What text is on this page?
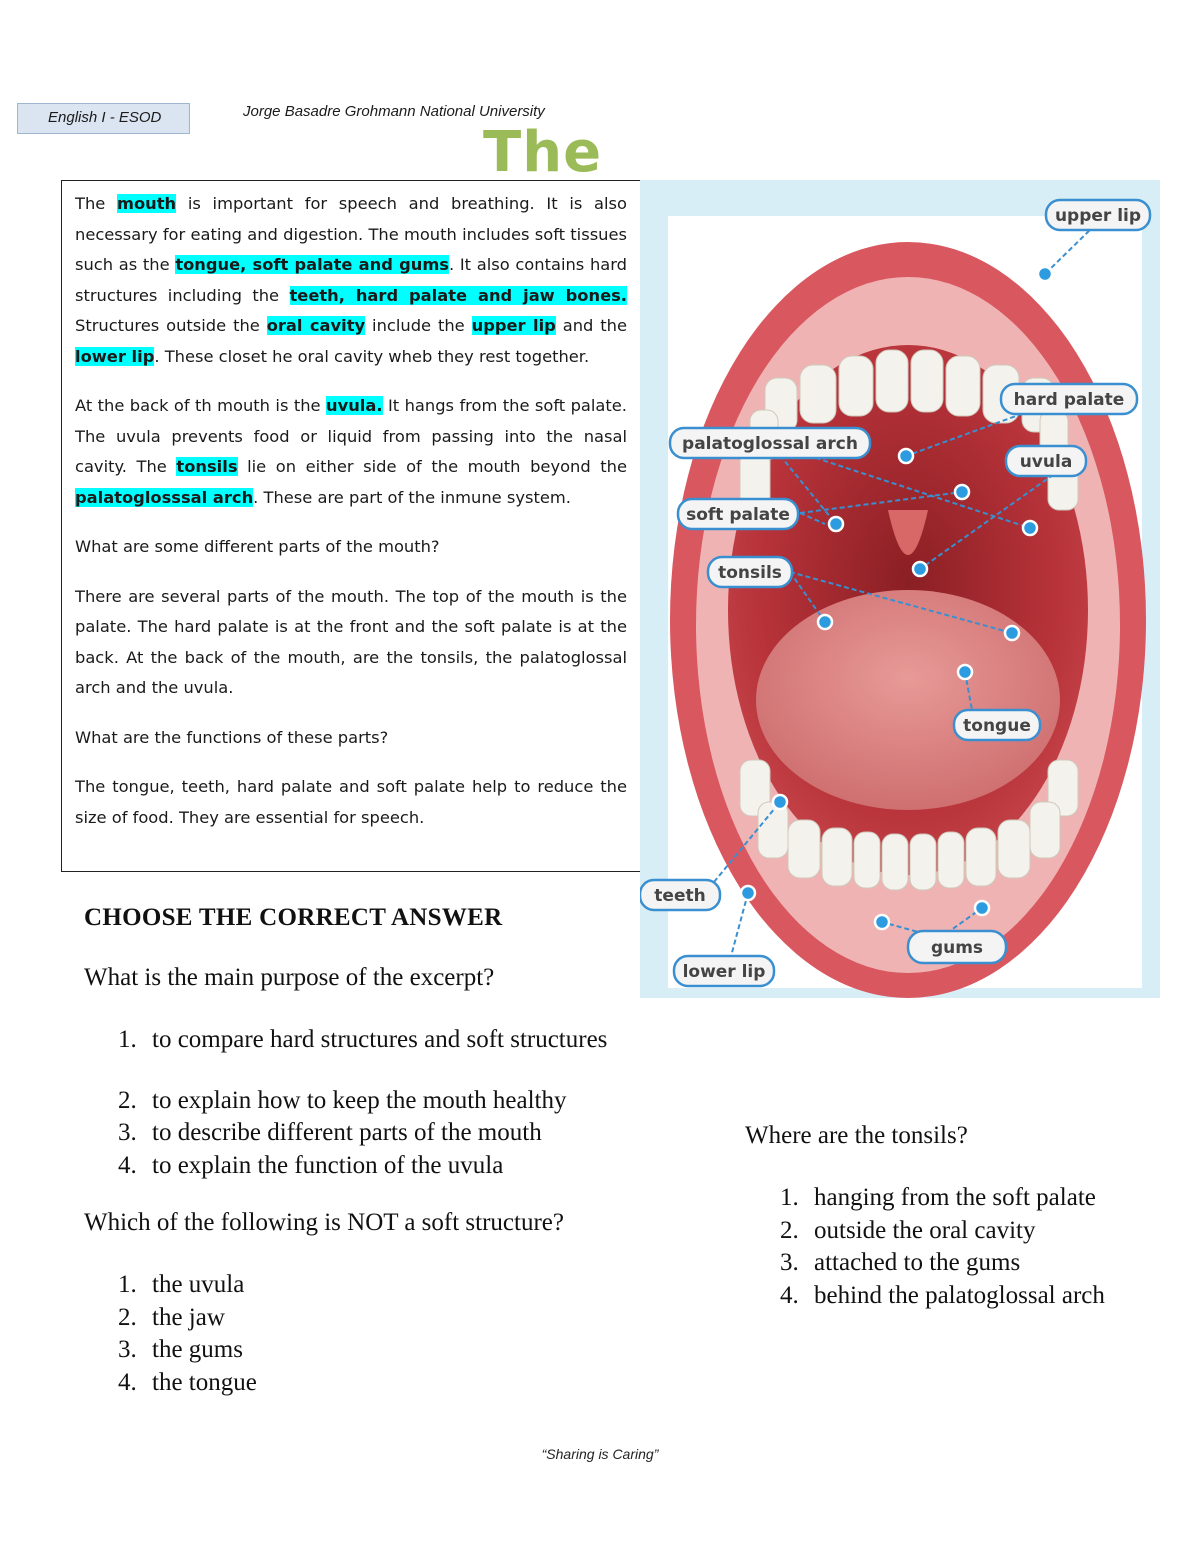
English I - ESOD	Jorge Basadre Grohmann National University
The

The mouth is important for speech and breathing. It is also necessary for eating and digestion. The mouth includes soft tissues such as the tongue, soft palate and gums. It also contains hard structures including the teeth, hard palate and jaw bones. Structures outside the oral cavity include the upper lip and the lower lip. These closet he oral cavity wheb they rest together.

At the back of th mouth is the uvula. It hangs from the soft palate. The uvula prevents food or liquid from passing into the nasal cavity. The tonsils lie on either side of the mouth beyond the palatoglosssal arch. These are part of the inmune system.

What are some different parts of the mouth?

There are several parts of the mouth. The top of the mouth is the palate. The hard palate is at the front and the soft palate is at the back. At the back of the mouth, are the tonsils, the palatoglossal arch and the uvula.

What are the functions of these parts?

The tongue, teeth, hard palate and soft palate help to reduce the size of food. They are essential for speech.

upper lip
hard palate
palatoglossal arch
uvula
soft palate
tonsils
tongue
teeth
gums
lower lip
CHOOSE THE CORRECT ANSWER
What is the main purpose of the excerpt?
1. to compare hard structures and soft structures
2. to explain how to keep the mouth healthy
3. to describe different parts of the mouth
4. to explain the function of the uvula
Which of the following is NOT a soft structure?
1. the uvula
2. the jaw
3. the gums
4. the tongue
Where are the tonsils?
1. hanging from the soft palate
2. outside the oral cavity
3. attached to the gums
4. behind the palatoglossal arch
“Sharing is Caring”
